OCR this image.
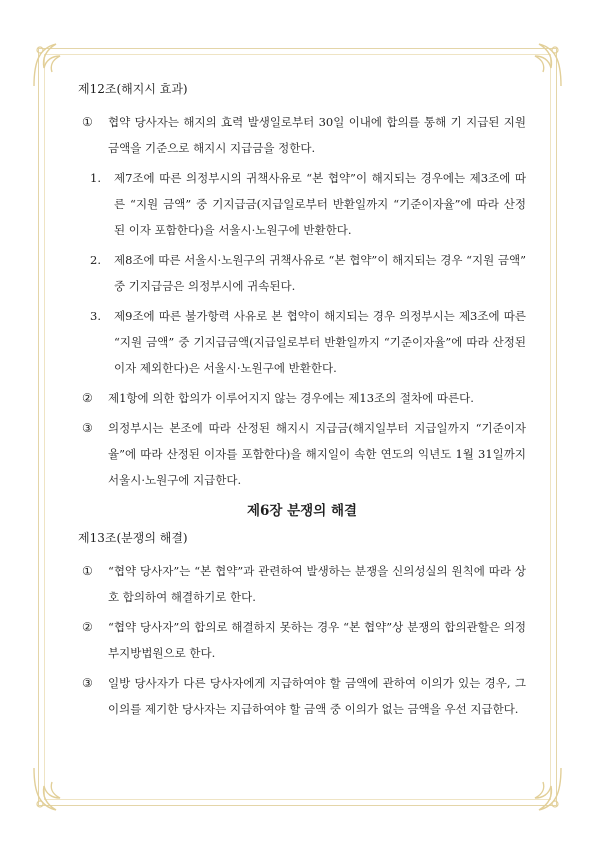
제12조(해지시 효과)
①	협약 당사자는 해지의 효력 발생일로부터 30일 이내에 합의를 통해 기 지급된 지원 금액을 기준으로 해지시 지급금을 정한다.
1.	제7조에 따른 의정부시의 귀책사유로 “본 협약”이 해지되는 경우에는 제3조에 따른 “지원 금액” 중 기지급금(지급일로부터 반환일까지 “기준이자율”에 따라 산정된 이자 포함한다)을 서울시·노원구에 반환한다.
2.	제8조에 따른 서울시·노원구의 귀책사유로 “본 협약”이 해지되는 경우 “지원 금액” 중 기지급금은 의정부시에 귀속된다.
3.	제9조에 따른 불가항력 사유로 본 협약이 해지되는 경우 의정부시는 제3조에 따른 “지원 금액” 중 기지급금액(지급일로부터 반환일까지 “기준이자율”에 따라 산정된 이자 제외한다)은 서울시·노원구에 반환한다.
②	제1항에 의한 합의가 이루어지지 않는 경우에는 제13조의 절차에 따른다.
③	의정부시는 본조에 따라 산정된 해지시 지급금(해지일부터 지급일까지 “기준이자율”에 따라 산정된 이자를 포함한다)을 해지일이 속한 연도의 익년도 1월 31일까지 서울시·노원구에 지급한다.
제6장 분쟁의 해결
제13조(분쟁의 해결)
①	“협약 당사자”는 “본 협약”과 관련하여 발생하는 분쟁을 신의성실의 원칙에 따라 상호 합의하여 해결하기로 한다.
②	“협약 당사자”의 합의로 해결하지 못하는 경우 “본 협약”상 분쟁의 합의관할은 의정부지방법원으로 한다.
③	일방 당사자가 다른 당사자에게 지급하여야 할 금액에 관하여 이의가 있는 경우, 그 이의를 제기한 당사자는 지급하여야 할 금액 중 이의가 없는 금액을 우선 지급한다.
